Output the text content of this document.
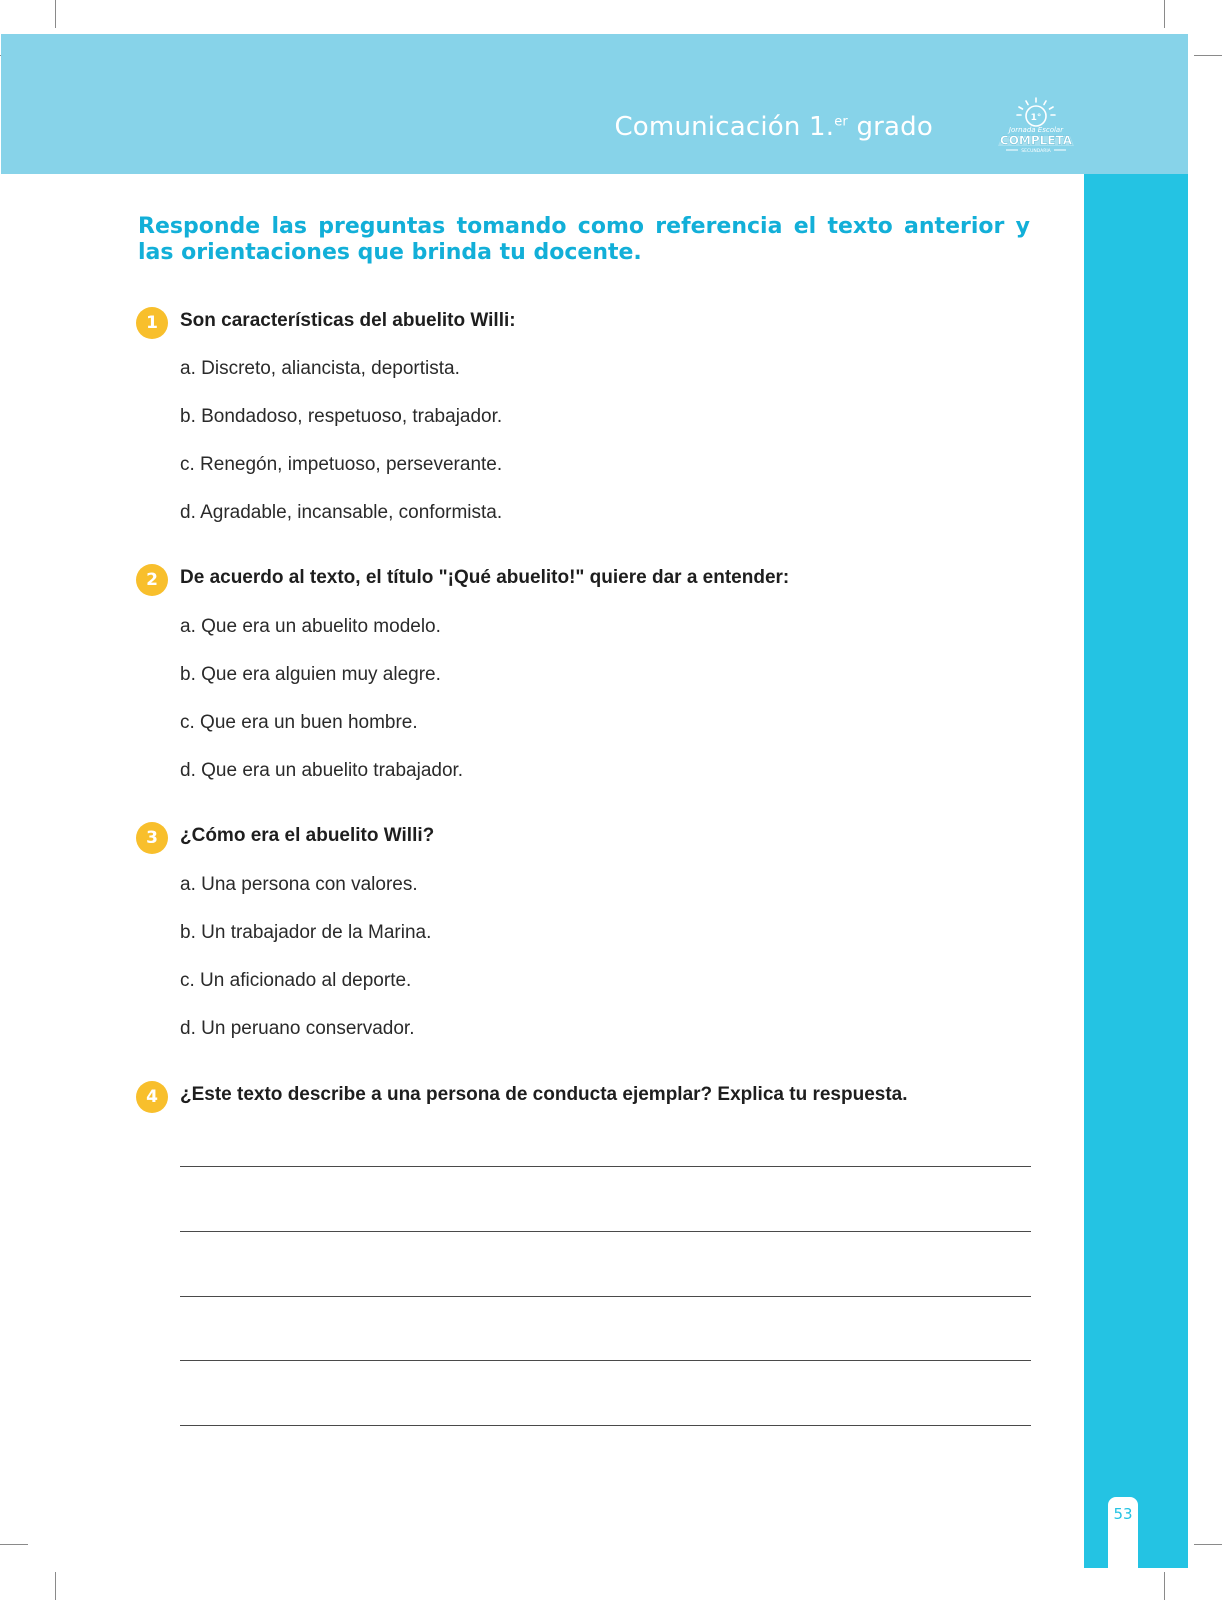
Comunicación 1.$^{er}$ grado	1°
Jornada Escolar
COMPLETA
SECUNDARIA
53
Responde las preguntas tomando como referencia el texto anterior y las orientaciones que brinda tu docente.
1	Son características del abuelito Willi:
a. Discreto, aliancista, deportista.
b. Bondadoso, respetuoso, trabajador.
c. Renegón, impetuoso, perseverante.
d. Agradable, incansable, conformista.
2	De acuerdo al texto, el título "¡Qué abuelito!" quiere dar a entender:
a. Que era un abuelito modelo.
b. Que era alguien muy alegre.
c. Que era un buen hombre.
d. Que era un abuelito trabajador.
3	¿Cómo era el abuelito Willi?
a. Una persona con valores.
b. Un trabajador de la Marina.
c. Un aficionado al deporte.
d. Un peruano conservador.
4	¿Este texto describe a una persona de conducta ejemplar? Explica tu respuesta.
